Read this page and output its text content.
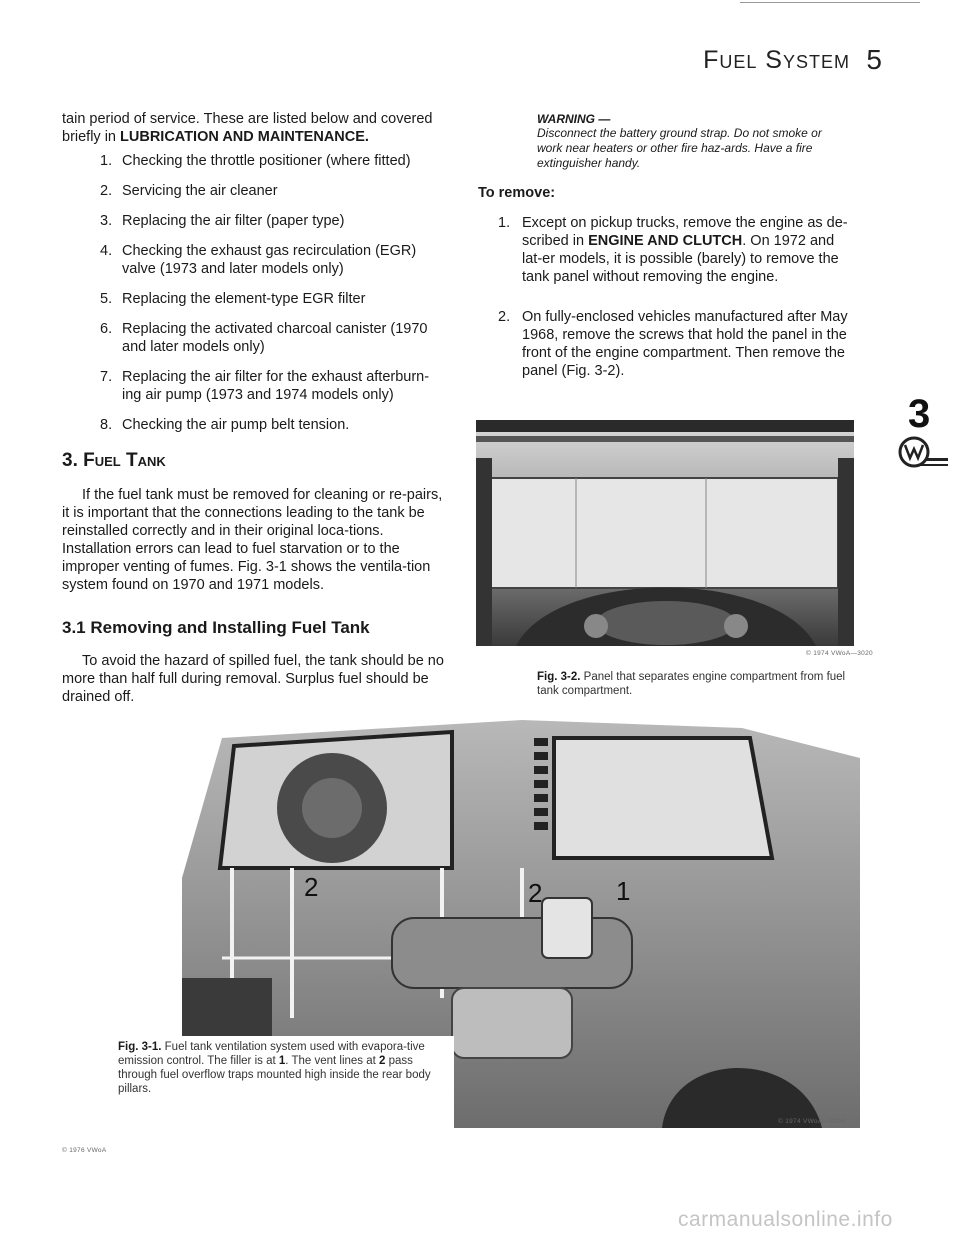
Fuel System 5
tain period of service. These are listed below and covered briefly in LUBRICATION AND MAINTENANCE.
1. Checking the throttle positioner (where fitted)
2. Servicing the air cleaner
3. Replacing the air filter (paper type)
4. Checking the exhaust gas recirculation (EGR) valve (1973 and later models only)
5. Replacing the element-type EGR filter
6. Replacing the activated charcoal canister (1970 and later models only)
7. Replacing the air filter for the exhaust afterburn-ing air pump (1973 and 1974 models only)
8. Checking the air pump belt tension.
3. Fuel Tank
If the fuel tank must be removed for cleaning or re-pairs, it is important that the connections leading to the tank be reinstalled correctly and in their original loca-tions. Installation errors can lead to fuel starvation or to the improper venting of fumes. Fig. 3-1 shows the ventila-tion system found on 1970 and 1971 models.
3.1 Removing and Installing Fuel Tank
To avoid the hazard of spilled fuel, the tank should be no more than half full during removal. Surplus fuel should be drained off.
WARNING —
Disconnect the battery ground strap. Do not smoke or work near heaters or other fire haz-ards. Have a fire extinguisher handy.
To remove:
1. Except on pickup trucks, remove the engine as de-scribed in ENGINE AND CLUTCH. On 1972 and lat-er models, it is possible (barely) to remove the tank panel without removing the engine.
2. On fully-enclosed vehicles manufactured after May 1968, remove the screws that hold the panel in the front of the engine compartment. Then remove the panel (Fig. 3-2).
© 1974 VWoA—3020
Fig. 3-2. Panel that separates engine compartment from fuel tank compartment.
3
2	2	1
Fig. 3-1. Fuel tank ventilation system used with evapora-tive emission control. The filler is at 1. The vent lines at 2 pass through fuel overflow traps mounted high inside the rear body pillars.
© 1974 VWoA—3254
© 1976 VWoA
carmanualsonline.info
